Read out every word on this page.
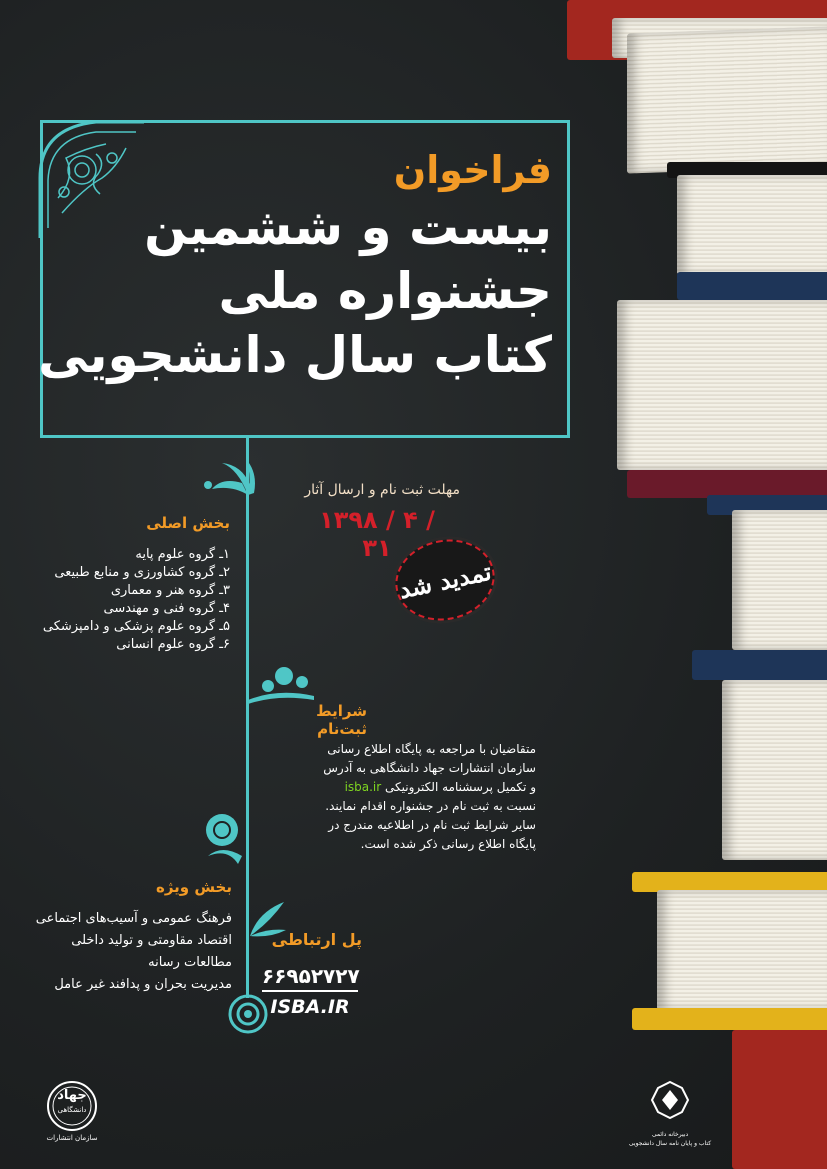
فراخوان
بیست و ششمین
جشنواره ملی
کتاب سال دانشجویی
مهلت ثبت نام و ارسال آثار
۱۳۹۸ / ۴ / ۳۱
تمدید شد
بخش اصلی
۱ـ گروه علوم پایه
۲ـ گروه کشاورزی و منابع طبیعی
۳ـ گروه هنر و معماری
۴ـ گروه فنی و مهندسی
۵ـ گروه علوم پزشکی و دامپزشکی
۶ـ گروه علوم انسانی
شرایط ثبت‌نام
متقاضیان با مراجعه به پایگاه اطلاع رسانی
سازمان انتشارات جهاد دانشگاهی به آدرس
و تکمیل پرسشنامه الکترونیکی isba.ir
نسبت به ثبت نام در جشنواره اقدام نمایند.
سایر شرایط ثبت نام در اطلاعیه مندرج در
پایگاه اطلاع رسانی ذکر شده است.
بخش ویژه
فرهنگ عمومی و آسیب‌های اجتماعی
اقتصاد مقاومتی و تولید داخلی
مطالعات رسانه
مدیریت بحران و پدافند غیر عامل
پل ارتباطی
۶۶۹۵۲۷۲۷
ISBA.IR
جهاد
دانشگاهی
سازمان انتشارات	دبیرخانه دائمی
کتاب و پایان نامه سال دانشجویی
